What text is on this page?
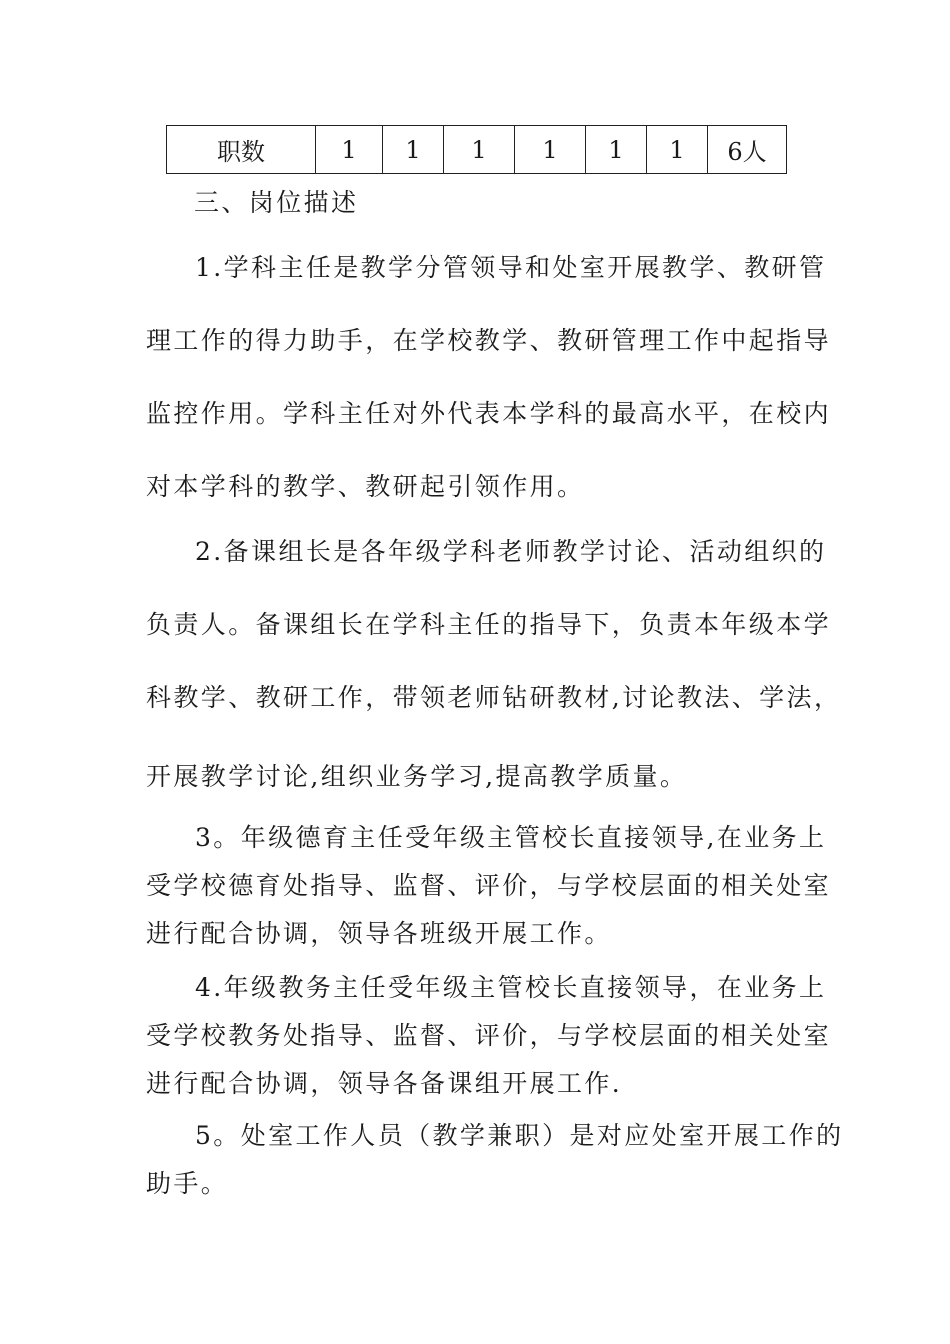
职数	1	1	1	1	1	1	6人

三、岗位描述

1.学科主任是教学分管领导和处室开展教学、教研管
理工作的得力助手，在学校教学、教研管理工作中起指导
监控作用。学科主任对外代表本学科的最高水平，在校内
对本学科的教学、教研起引领作用。
2.备课组长是各年级学科老师教学讨论、活动组织的
负责人。备课组长在学科主任的指导下，负责本年级本学
科教学、教研工作，带领老师钻研教材,讨论教法、学法，
开展教学讨论,组织业务学习,提高教学质量。
3。年级德育主任受年级主管校长直接领导,在业务上
受学校德育处指导、监督、评价，与学校层面的相关处室
进行配合协调，领导各班级开展工作。
4.年级教务主任受年级主管校长直接领导，在业务上
受学校教务处指导、监督、评价，与学校层面的相关处室
进行配合协调，领导各备课组开展工作.
5。处室工作人员（教学兼职）是对应处室开展工作的
助手。
